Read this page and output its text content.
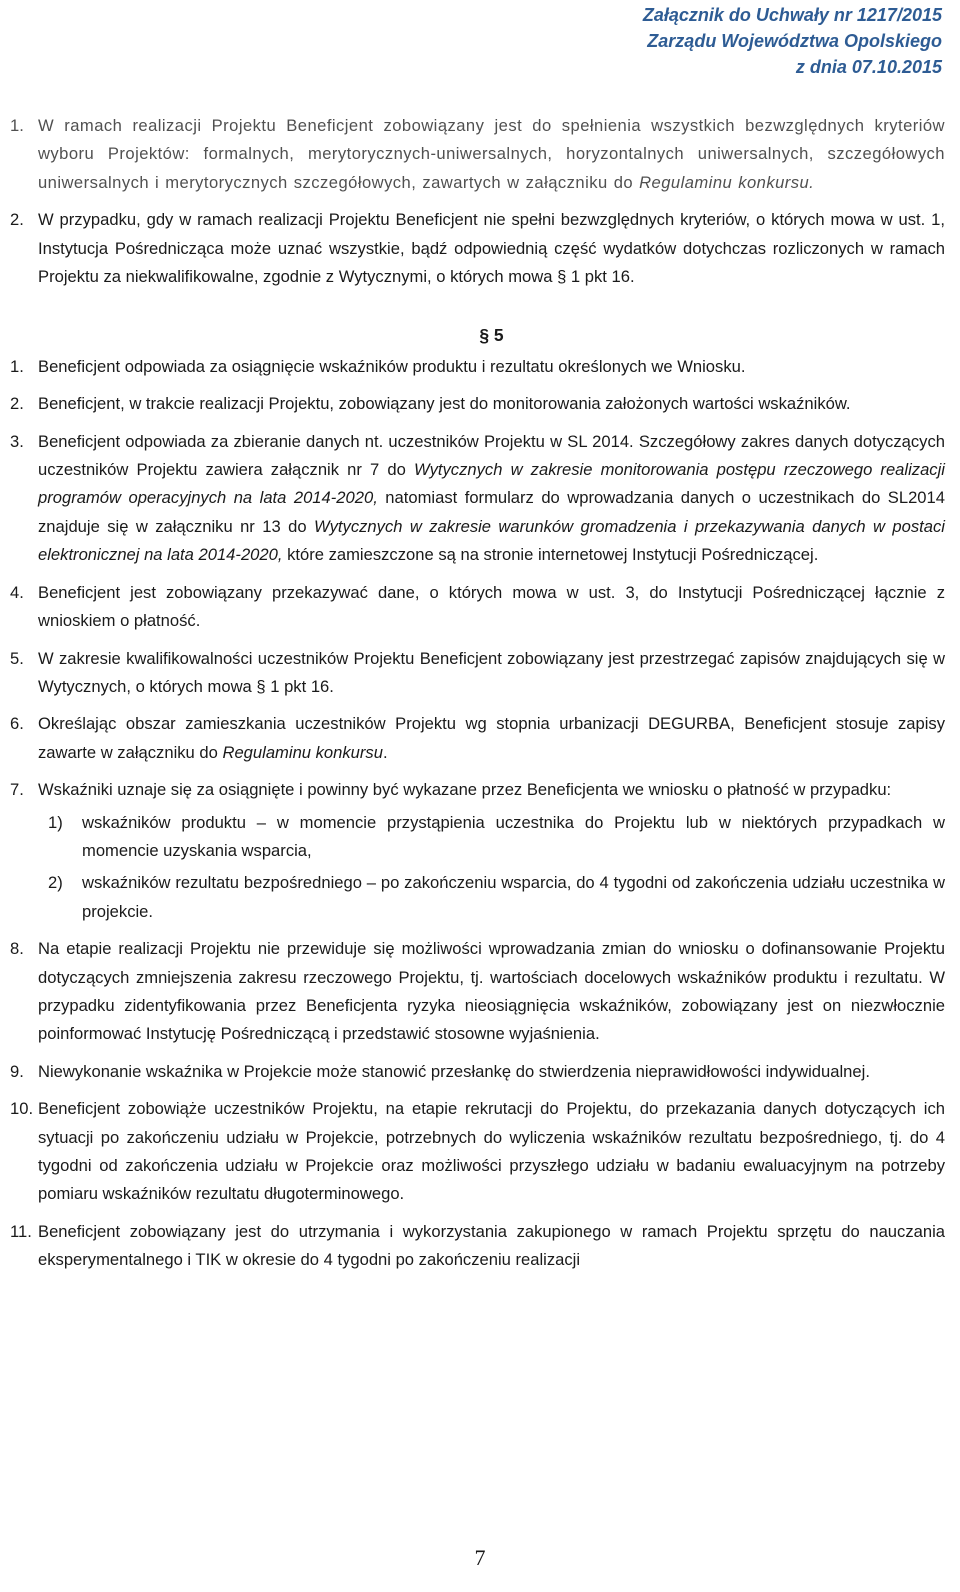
Załącznik do Uchwały nr 1217/2015
Zarządu Województwa Opolskiego
z dnia 07.10.2015
1. W ramach realizacji Projektu Beneficjent zobowiązany jest do spełnienia wszystkich bezwzględnych kryteriów wyboru Projektów: formalnych, merytorycznych-uniwersalnych, horyzontalnych uniwersalnych, szczegółowych uniwersalnych i merytorycznych szczegółowych, zawartych w załączniku do Regulaminu konkursu.
2. W przypadku, gdy w ramach realizacji Projektu Beneficjent nie spełni bezwzględnych kryteriów, o których mowa w ust. 1, Instytucja Pośrednicząca może uznać wszystkie, bądź odpowiednią część wydatków dotychczas rozliczonych w ramach Projektu za niekwalifikowalne, zgodnie z Wytycznymi, o których mowa § 1 pkt 16.
§ 5
1. Beneficjent odpowiada za osiągnięcie wskaźników produktu i rezultatu określonych we Wniosku.
2. Beneficjent, w trakcie realizacji Projektu, zobowiązany jest do monitorowania założonych wartości wskaźników.
3. Beneficjent odpowiada za zbieranie danych nt. uczestników Projektu w SL 2014. Szczegółowy zakres danych dotyczących uczestników Projektu zawiera załącznik nr 7 do Wytycznych w zakresie monitorowania postępu rzeczowego realizacji programów operacyjnych na lata 2014-2020, natomiast formularz do wprowadzania danych o uczestnikach do SL2014 znajduje się w załączniku nr 13 do Wytycznych w zakresie warunków gromadzenia i przekazywania danych w postaci elektronicznej na lata 2014-2020, które zamieszczone są na stronie internetowej Instytucji Pośredniczącej.
4. Beneficjent jest zobowiązany przekazywać dane, o których mowa w ust. 3, do Instytucji Pośredniczącej łącznie z wnioskiem o płatność.
5. W zakresie kwalifikowalności uczestników Projektu Beneficjent zobowiązany jest przestrzegać zapisów znajdujących się w Wytycznych, o których mowa § 1 pkt 16.
6. Określając obszar zamieszkania uczestników Projektu wg stopnia urbanizacji DEGURBA, Beneficjent stosuje zapisy zawarte w załączniku do Regulaminu konkursu.
7. Wskaźniki uznaje się za osiągnięte i powinny być wykazane przez Beneficjenta we wniosku o płatność w przypadku:
1)	wskaźników produktu – w momencie przystąpienia uczestnika do Projektu lub w niektórych przypadkach w momencie uzyskania wsparcia,
2)	wskaźników rezultatu bezpośredniego – po zakończeniu wsparcia, do 4 tygodni od zakończenia udziału uczestnika w projekcie.
8. Na etapie realizacji Projektu nie przewiduje się możliwości wprowadzania zmian do wniosku o dofinansowanie Projektu dotyczących zmniejszenia zakresu rzeczowego Projektu, tj. wartościach docelowych wskaźników produktu i rezultatu. W przypadku zidentyfikowania przez Beneficjenta ryzyka nieosiągnięcia wskaźników, zobowiązany jest on niezwłocznie poinformować Instytucję Pośredniczącą i przedstawić stosowne wyjaśnienia.
9. Niewykonanie wskaźnika w Projekcie może stanowić przesłankę do stwierdzenia nieprawidłowości indywidualnej.
10. Beneficjent zobowiąże uczestników Projektu, na etapie rekrutacji do Projektu, do przekazania danych dotyczących ich sytuacji po zakończeniu udziału w Projekcie, potrzebnych do wyliczenia wskaźników rezultatu bezpośredniego, tj. do 4 tygodni od zakończenia udziału w Projekcie oraz możliwości przyszłego udziału w badaniu ewaluacyjnym na potrzeby pomiaru wskaźników rezultatu długoterminowego.
11. Beneficjent zobowiązany jest do utrzymania i wykorzystania zakupionego w ramach Projektu sprzętu do nauczania eksperymentalnego i TIK w okresie do 4 tygodni po zakończeniu realizacji
7
